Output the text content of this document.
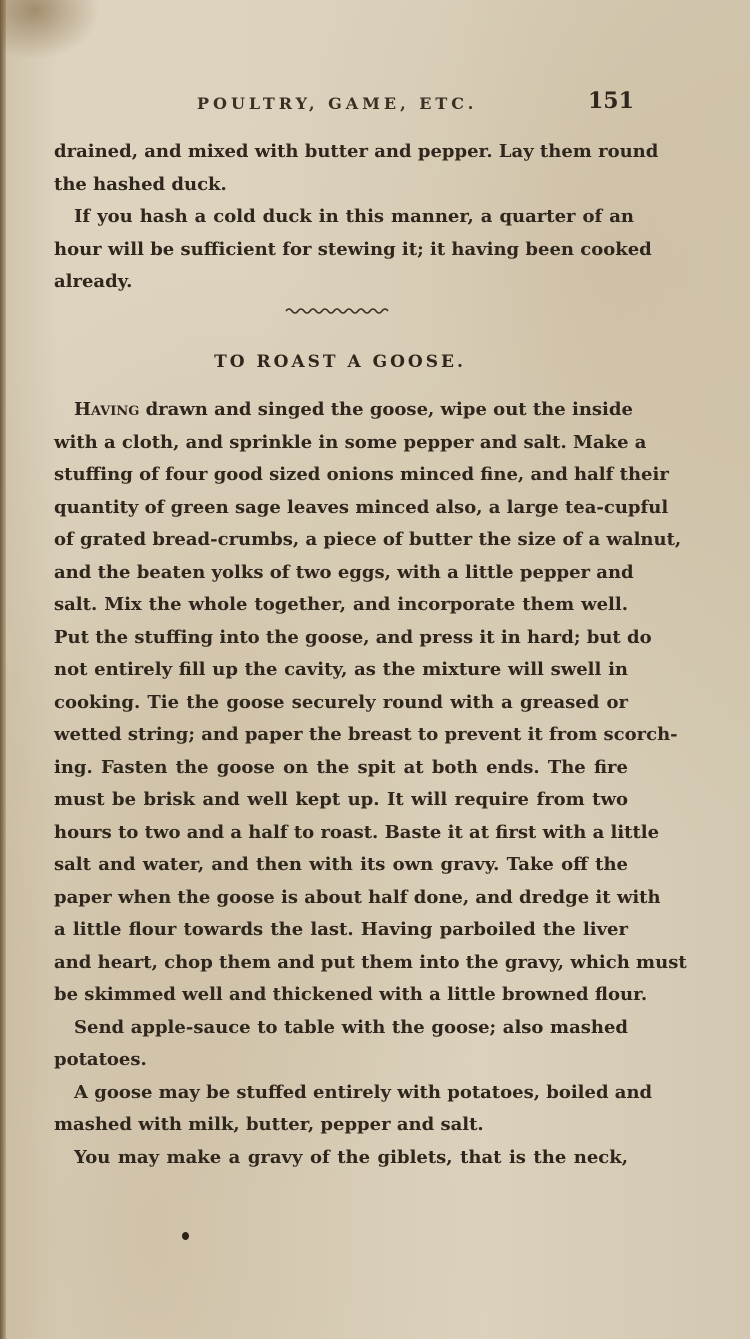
POULTRY, GAME, ETC.	151
drained, and mixed with butter and pepper. Lay them round
the hashed duck.
If you hash a cold duck in this manner, a quarter of an
hour will be sufficient for stewing it; it having been cooked
already.
TO ROAST A GOOSE.
Having drawn and singed the goose, wipe out the inside
with a cloth, and sprinkle in some pepper and salt. Make a
stuffing of four good sized onions minced fine, and half their
quantity of green sage leaves minced also, a large tea-cupful
of grated bread-crumbs, a piece of butter the size of a walnut,
and the beaten yolks of two eggs, with a little pepper and
salt. Mix the whole together, and incorporate them well.
Put the stuffing into the goose, and press it in hard; but do
not entirely fill up the cavity, as the mixture will swell in
cooking. Tie the goose securely round with a greased or
wetted string; and paper the breast to prevent it from scorch-
ing. Fasten the goose on the spit at both ends. The fire
must be brisk and well kept up. It will require from two
hours to two and a half to roast. Baste it at first with a little
salt and water, and then with its own gravy. Take off the
paper when the goose is about half done, and dredge it with
a little flour towards the last. Having parboiled the liver
and heart, chop them and put them into the gravy, which must
be skimmed well and thickened with a little browned flour.
Send apple-sauce to table with the goose; also mashed
potatoes.
A goose may be stuffed entirely with potatoes, boiled and
mashed with milk, butter, pepper and salt.
You may make a gravy of the giblets, that is the neck,
